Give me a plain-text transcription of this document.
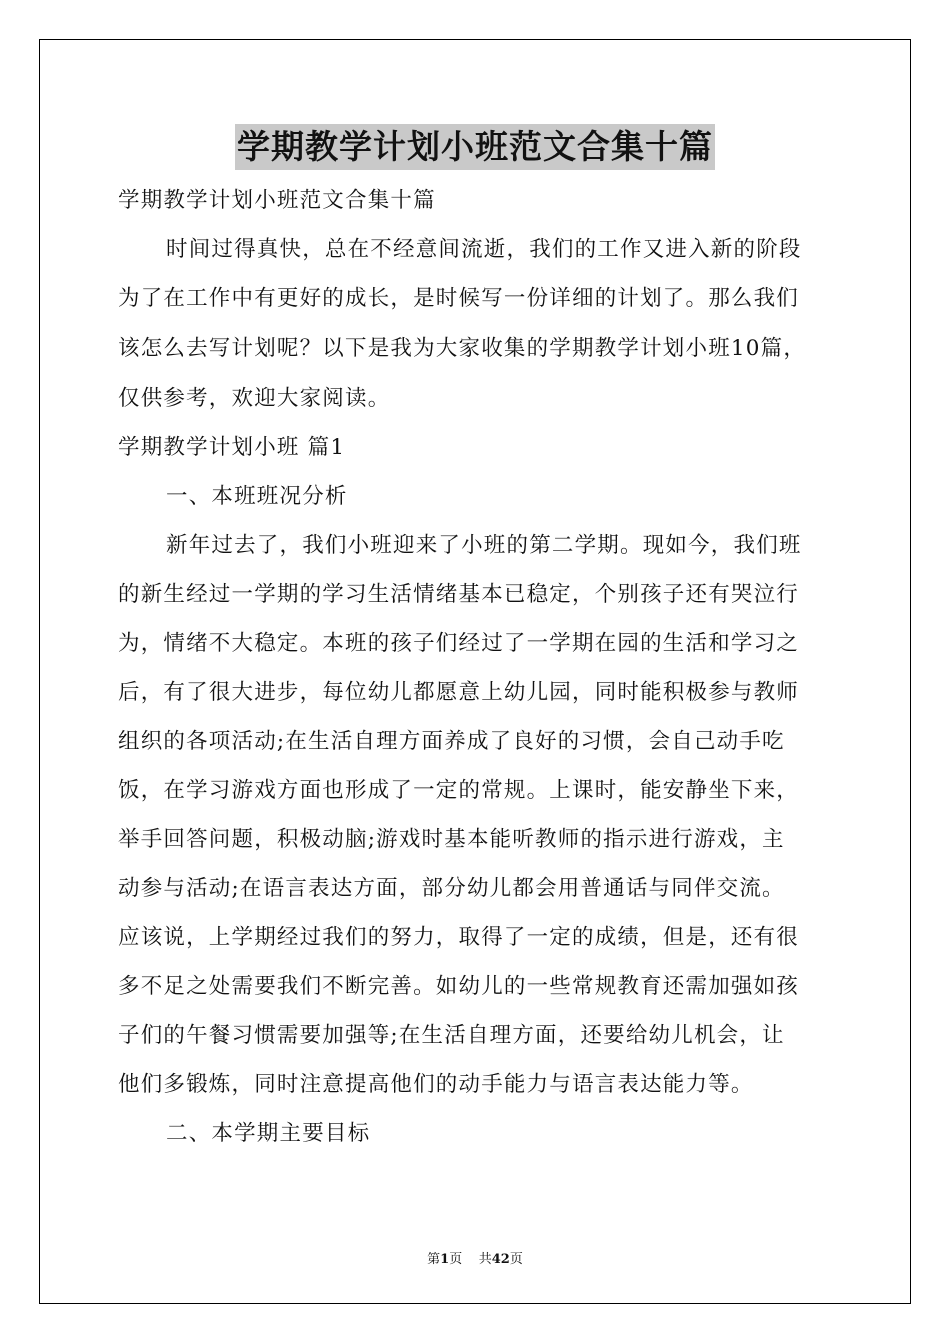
学期教学计划小班范文合集十篇
学期教学计划小班范文合集十篇
时间过得真快，总在不经意间流逝，我们的工作又进入新的阶段
为了在工作中有更好的成长，是时候写一份详细的计划了。那么我们
该怎么去写计划呢？以下是我为大家收集的学期教学计划小班10篇，
仅供参考，欢迎大家阅读。
学期教学计划小班 篇1
一、本班班况分析
新年过去了，我们小班迎来了小班的第二学期。现如今，我们班
的新生经过一学期的学习生活情绪基本已稳定，个别孩子还有哭泣行
为，情绪不大稳定。本班的孩子们经过了一学期在园的生活和学习之
后，有了很大进步，每位幼儿都愿意上幼儿园，同时能积极参与教师
组织的各项活动;在生活自理方面养成了良好的习惯，会自己动手吃
饭，在学习游戏方面也形成了一定的常规。上课时，能安静坐下来，
举手回答问题，积极动脑;游戏时基本能听教师的指示进行游戏，主
动参与活动;在语言表达方面，部分幼儿都会用普通话与同伴交流。
应该说，上学期经过我们的努力，取得了一定的成绩，但是，还有很
多不足之处需要我们不断完善。如幼儿的一些常规教育还需加强如孩
子们的午餐习惯需要加强等;在生活自理方面，还要给幼儿机会，让
他们多锻炼，同时注意提高他们的动手能力与语言表达能力等。
二、本学期主要目标
第1页    共42页
